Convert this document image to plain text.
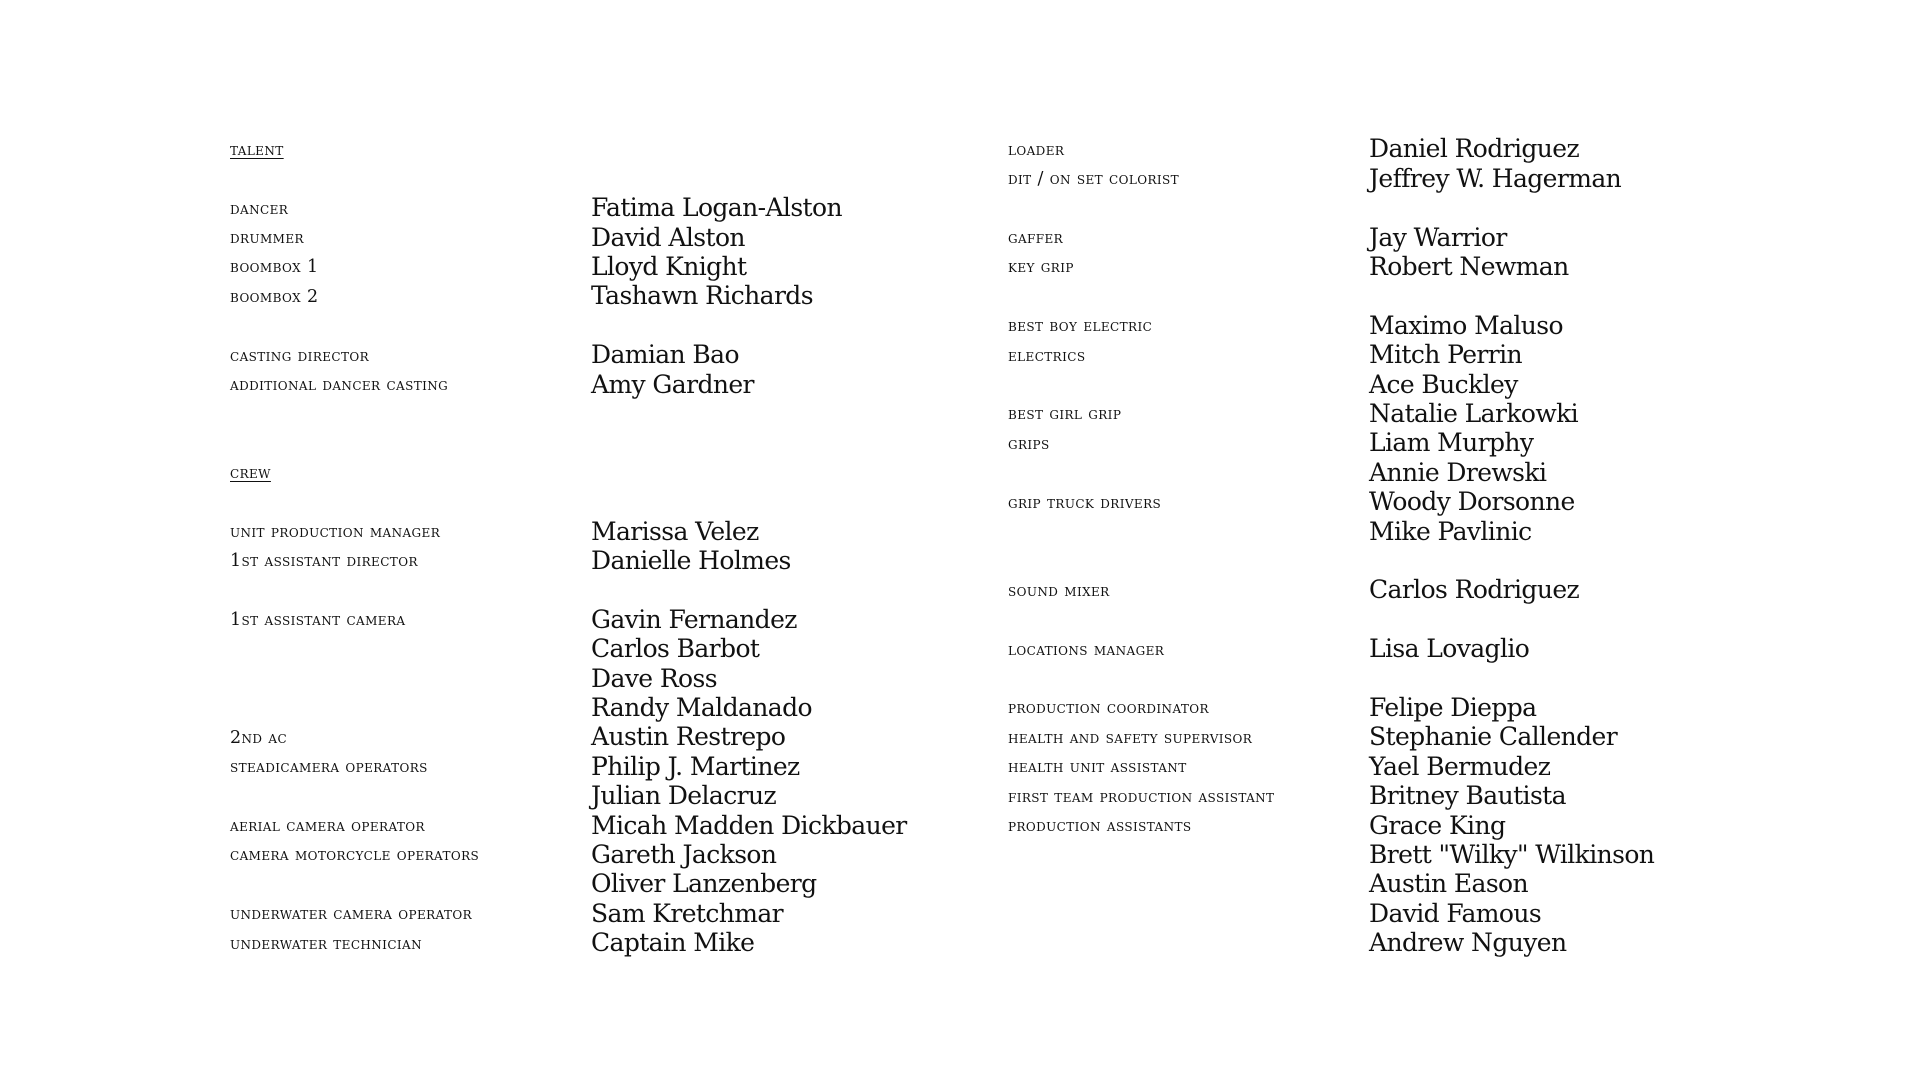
talent
dancer	Fatima Logan-Alston
drummer	David Alston
boombox 1	Lloyd Knight
boombox 2	Tashawn Richards
casting director	Damian Bao
additional dancer casting	Amy Gardner
crew
unit production manager	Marissa Velez
1st assistant director	Danielle Holmes
1st assistant camera	Gavin Fernandez
Carlos Barbot
Dave Ross
Randy Maldanado
2nd ac	Austin Restrepo
steadicamera operators	Philip J. Martinez
Julian Delacruz
aerial camera operator	Micah Madden Dickbauer
camera motorcycle operators	Gareth Jackson
Oliver Lanzenberg
underwater camera operator	Sam Kretchmar
underwater technician	Captain Mike
loader	Daniel Rodriguez
dit / on set colorist	Jeffrey W. Hagerman
gaffer	Jay Warrior
key grip	Robert Newman
best boy electric	Maximo Maluso
electrics	Mitch Perrin
Ace Buckley
best girl grip	Natalie Larkowki
grips	Liam Murphy
Annie Drewski
grip truck drivers	Woody Dorsonne
Mike Pavlinic
sound mixer	Carlos Rodriguez
locations manager	Lisa Lovaglio
production coordinator	Felipe Dieppa
health and safety supervisor	Stephanie Callender
health unit assistant	Yael Bermudez
first team production assistant	Britney Bautista
production assistants	Grace King
Brett "Wilky" Wilkinson
Austin Eason
David Famous
Andrew Nguyen
